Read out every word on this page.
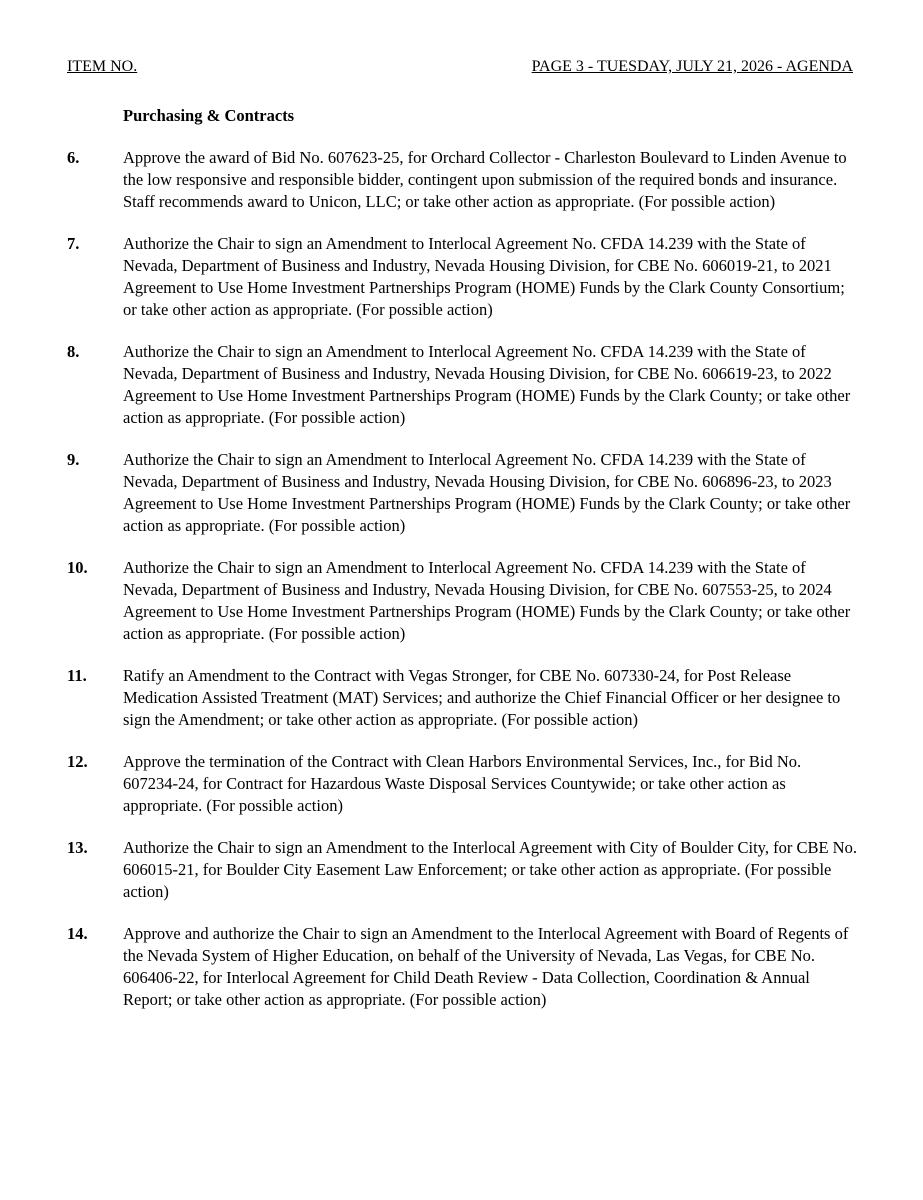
ITEM NO.	PAGE 3 - TUESDAY, JULY 21, 2026 - AGENDA
Purchasing & Contracts
6.	Approve the award of Bid No. 607623-25, for Orchard Collector - Charleston Boulevard to Linden Avenue to the low responsive and responsible bidder, contingent upon submission of the required bonds and insurance. Staff recommends award to Unicon, LLC; or take other action as appropriate. (For possible action)
7.	Authorize the Chair to sign an Amendment to Interlocal Agreement No. CFDA 14.239 with the State of Nevada, Department of Business and Industry, Nevada Housing Division, for CBE No. 606019-21, to 2021 Agreement to Use Home Investment Partnerships Program (HOME) Funds by the Clark County Consortium; or take other action as appropriate. (For possible action)
8.	Authorize the Chair to sign an Amendment to Interlocal Agreement No. CFDA 14.239 with the State of Nevada, Department of Business and Industry, Nevada Housing Division, for CBE No. 606619-23, to 2022 Agreement to Use Home Investment Partnerships Program (HOME) Funds by the Clark County; or take other action as appropriate. (For possible action)
9.	Authorize the Chair to sign an Amendment to Interlocal Agreement No. CFDA 14.239 with the State of Nevada, Department of Business and Industry, Nevada Housing Division, for CBE No. 606896-23, to 2023 Agreement to Use Home Investment Partnerships Program (HOME) Funds by the Clark County; or take other action as appropriate. (For possible action)
10. Authorize the Chair to sign an Amendment to Interlocal Agreement No. CFDA 14.239 with the State of Nevada, Department of Business and Industry, Nevada Housing Division, for CBE No. 607553-25, to 2024 Agreement to Use Home Investment Partnerships Program (HOME) Funds by the Clark County; or take other action as appropriate. (For possible action)
11. Ratify an Amendment to the Contract with Vegas Stronger, for CBE No. 607330-24, for Post Release Medication Assisted Treatment (MAT) Services; and authorize the Chief Financial Officer or her designee to sign the Amendment; or take other action as appropriate. (For possible action)
12. Approve the termination of the Contract with Clean Harbors Environmental Services, Inc., for Bid No. 607234-24, for Contract for Hazardous Waste Disposal Services Countywide; or take other action as appropriate. (For possible action)
13. Authorize the Chair to sign an Amendment to the Interlocal Agreement with City of Boulder City, for CBE No. 606015-21, for Boulder City Easement Law Enforcement; or take other action as appropriate. (For possible action)
14. Approve and authorize the Chair to sign an Amendment to the Interlocal Agreement with Board of Regents of the Nevada System of Higher Education, on behalf of the University of Nevada, Las Vegas, for CBE No. 606406-22, for Interlocal Agreement for Child Death Review - Data Collection, Coordination & Annual Report; or take other action as appropriate. (For possible action)
